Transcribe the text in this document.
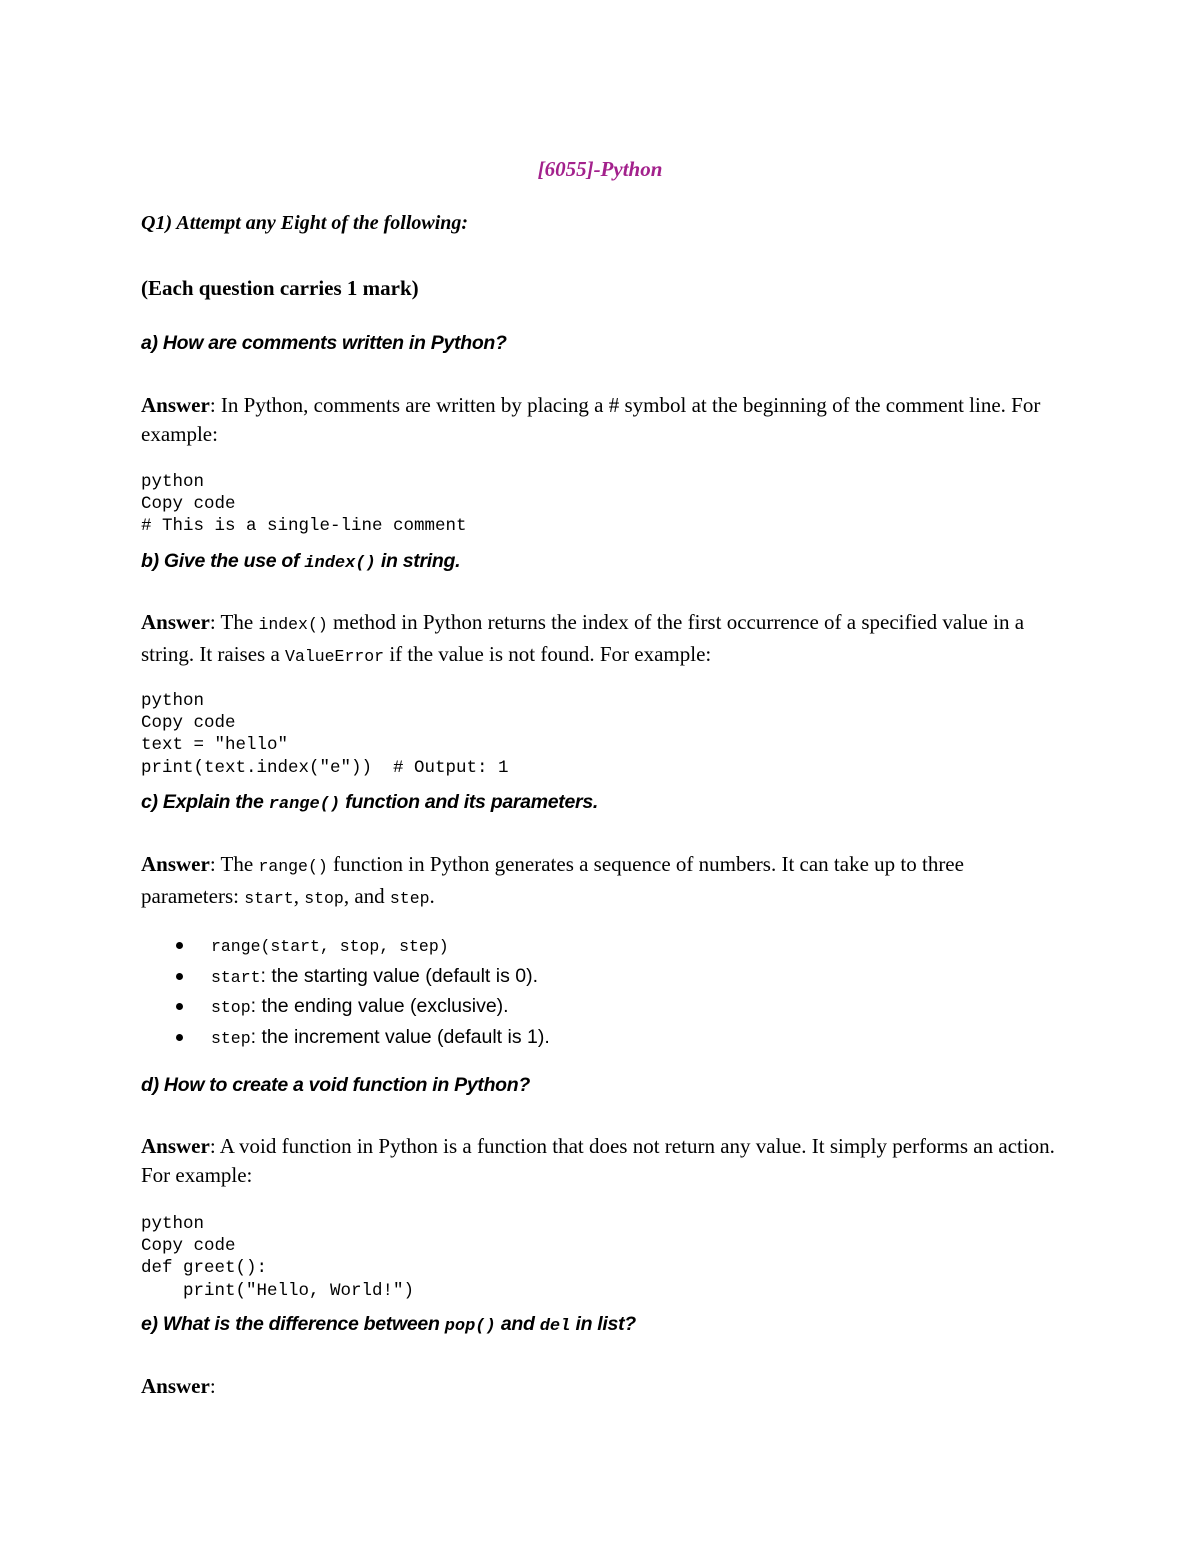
[6055]-Python
Q1) Attempt any Eight of the following:
(Each question carries 1 mark)
a) How are comments written in Python?
Answer: In Python, comments are written by placing a # symbol at the beginning of the comment line. For example:
python
Copy code
# This is a single-line comment
b) Give the use of index() in string.
Answer: The index() method in Python returns the index of the first occurrence of a specified value in a string. It raises a ValueError if the value is not found. For example:
python
Copy code
text = "hello"
print(text.index("e"))  # Output: 1
c) Explain the range() function and its parameters.
Answer: The range() function in Python generates a sequence of numbers. It can take up to three parameters: start, stop, and step.
range(start, stop, step)
start: the starting value (default is 0).
stop: the ending value (exclusive).
step: the increment value (default is 1).
d) How to create a void function in Python?
Answer: A void function in Python is a function that does not return any value. It simply performs an action. For example:
python
Copy code
def greet():
print("Hello, World!")
e) What is the difference between pop() and del in list?
Answer:
